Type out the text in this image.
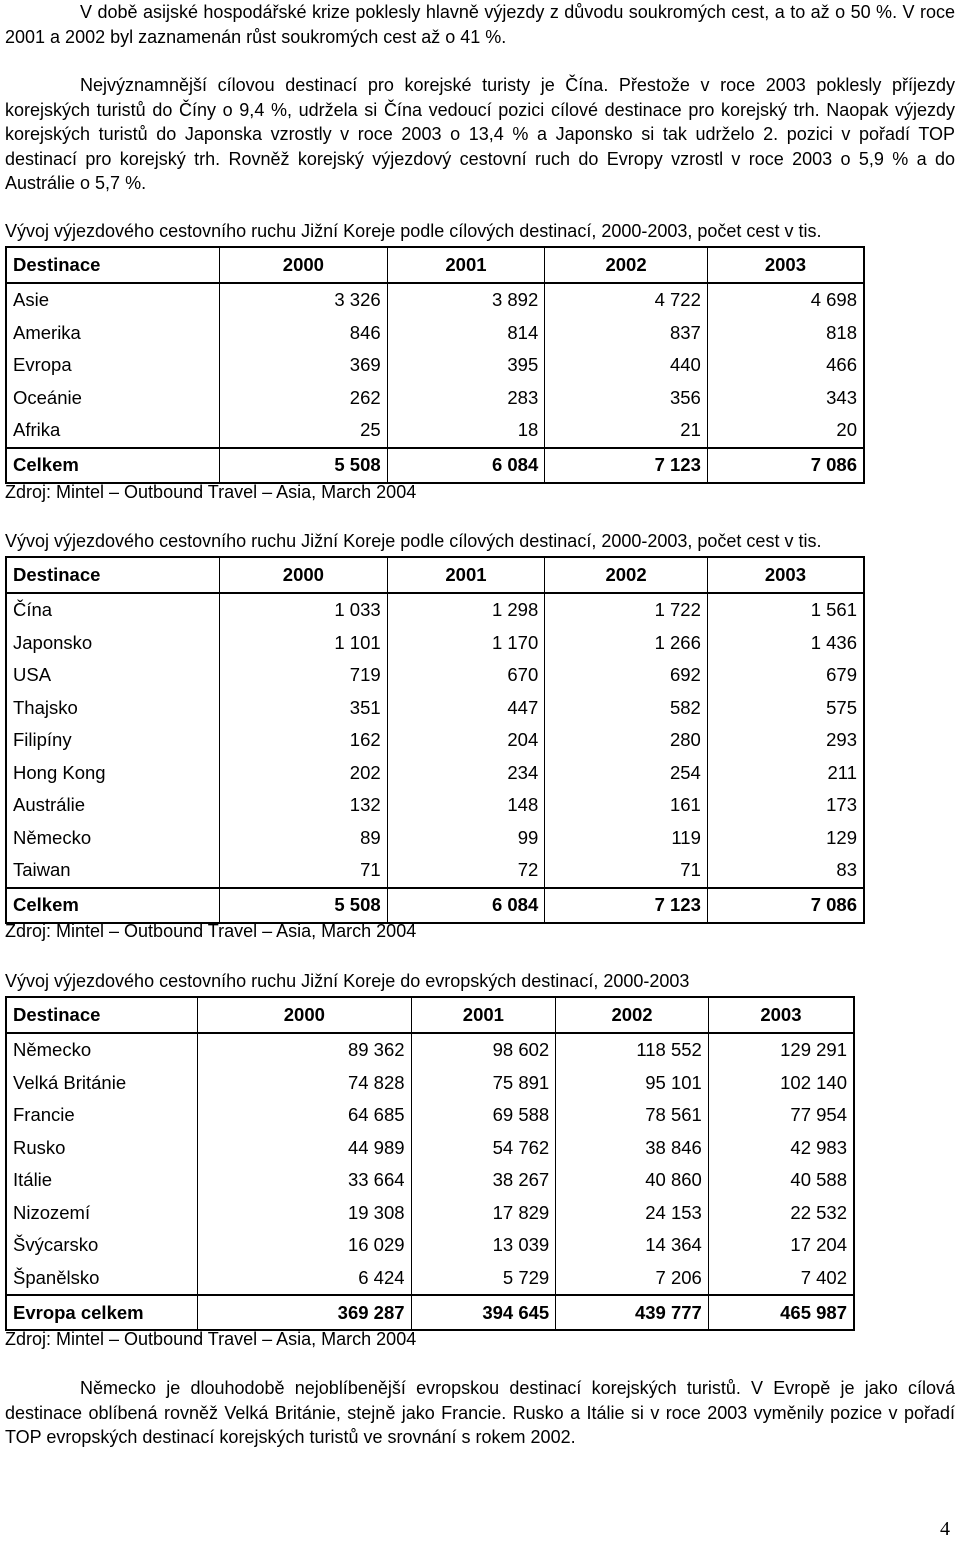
V době asijské hospodářské krize poklesly hlavně výjezdy z důvodu soukromých cest, a to až o 50 %. V roce 2001 a 2002 byl zaznamenán růst soukromých cest až o 41 %.

Nejvýznamnější cílovou destinací pro korejské turisty je Čína. Přestože v roce 2003 poklesly příjezdy korejských turistů do Číny o 9,4 %, udržela si Čína vedoucí pozici cílové destinace pro korejský trh. Naopak výjezdy korejských turistů do Japonska vzrostly v roce 2003 o 13,4 % a Japonsko si tak udrželo 2. pozici v pořadí TOP destinací pro korejský trh. Rovněž korejský výjezdový cestovní ruch do Evropy vzrostl v roce 2003 o 5,9 % a do Austrálie o 5,7 %.

Vývoj výjezdového cestovního ruchu Jižní Koreje podle cílových destinací, 2000-2003, počet cest v tis.
Destinace	2000	2001	2002	2003
Asie	3 326	3 892	4 722	4 698
Amerika	846	814	837	818
Evropa	369	395	440	466
Oceánie	262	283	356	343
Afrika	25	18	21	20
Celkem	5 508	6 084	7 123	7 086
Zdroj: Mintel – Outbound Travel – Asia, March 2004
Vývoj výjezdového cestovního ruchu Jižní Koreje podle cílových destinací, 2000-2003, počet cest v tis.
Destinace	2000	2001	2002	2003
Čína	1 033	1 298	1 722	1 561
Japonsko	1 101	1 170	1 266	1 436
USA	719	670	692	679
Thajsko	351	447	582	575
Filipíny	162	204	280	293
Hong Kong	202	234	254	211
Austrálie	132	148	161	173
Německo	89	99	119	129
Taiwan	71	72	71	83
Celkem	5 508	6 084	7 123	7 086
Zdroj: Mintel – Outbound Travel – Asia, March 2004
Vývoj výjezdového cestovního ruchu Jižní Koreje do evropských destinací, 2000-2003
Destinace	2000	2001	2002	2003
Německo	89 362	98 602	118 552	129 291
Velká Británie	74 828	75 891	95 101	102 140
Francie	64 685	69 588	78 561	77 954
Rusko	44 989	54 762	38 846	42 983
Itálie	33 664	38 267	40 860	40 588
Nizozemí	19 308	17 829	24 153	22 532
Švýcarsko	16 029	13 039	14 364	17 204
Španělsko	6 424	5 729	7 206	7 402
Evropa celkem	369 287	394 645	439 777	465 987
Zdroj: Mintel – Outbound Travel – Asia, March 2004

Německo je dlouhodobě nejoblíbenější evropskou destinací korejských turistů. V Evropě je jako cílová destinace oblíbená rovněž Velká Británie, stejně jako Francie. Rusko a Itálie si v roce 2003 vyměnily pozice v pořadí TOP evropských destinací korejských turistů ve srovnání s rokem 2002.

4
